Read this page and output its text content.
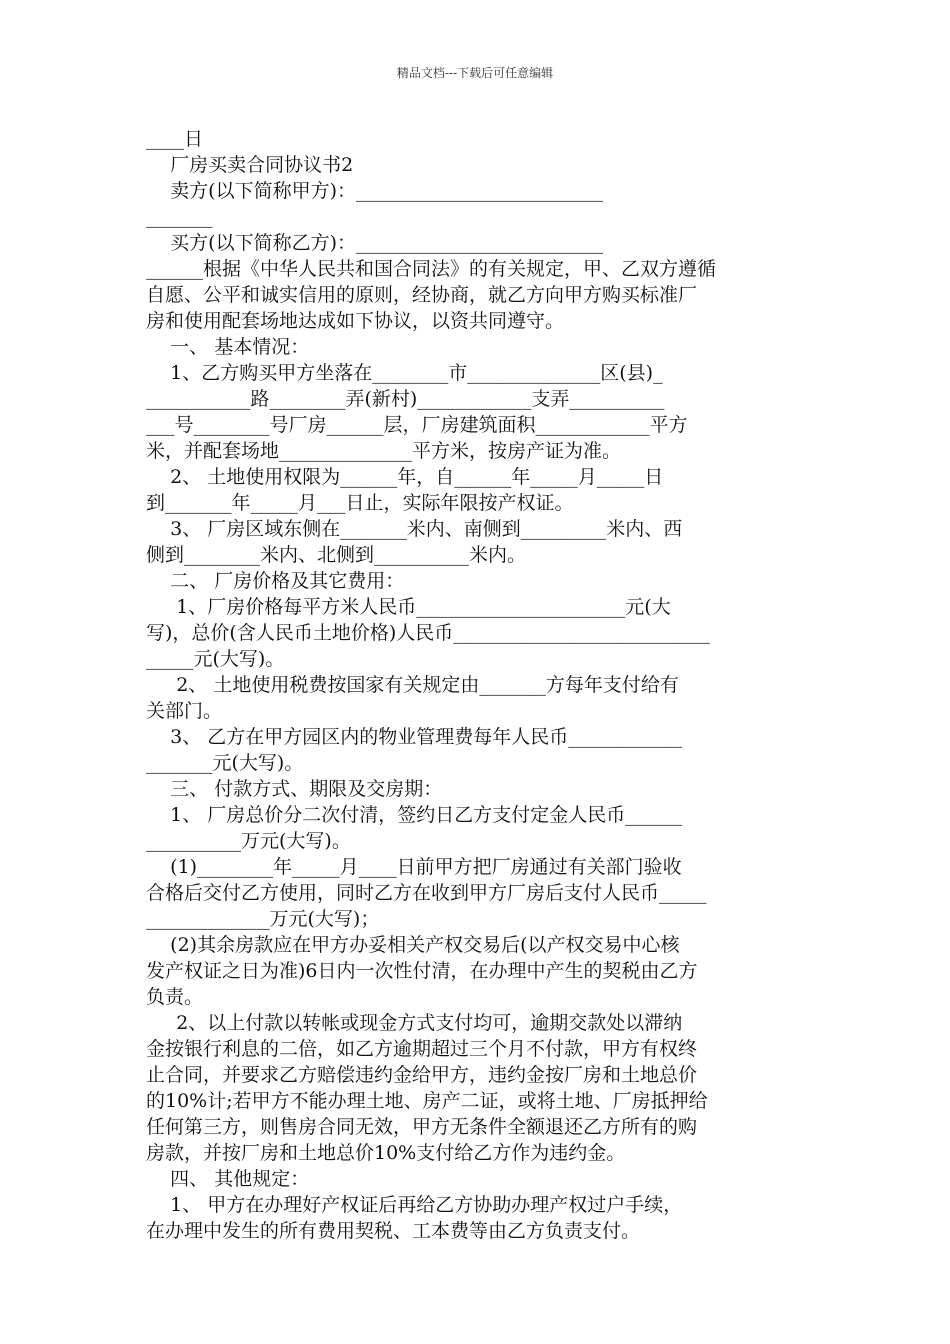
精品文档---下载后可任意编辑
____日
厂房买卖合同协议书2
卖方(以下简称甲方)：__________________________
_______
买方(以下简称乙方)：__________________________
______根据《中华人民共和国合同法》的有关规定，甲、乙双方遵循
自愿、公平和诚实信用的原则，经协商，就乙方向甲方购买标准厂
房和使用配套场地达成如下协议，以资共同遵守。
一、 基本情况：
1、乙方购买甲方坐落在________市______________区(县)_
___________路________弄(新村)____________支弄__________
___号________号厂房______层，厂房建筑面积____________平方
米，并配套场地______________平方米，按房产证为准。
2、 土地使用权限为______年，自______年_____月_____日
到_______年_____月___日止，实际年限按产权证。
3、 厂房区域东侧在_______米内、南侧到_________米内、西
侧到________米内、北侧到__________米内。
二、 厂房价格及其它费用：
1、厂房价格每平方米人民币______________________元(大
写)，总价(含人民币土地价格)人民币___________________________
_____元(大写)。
2、 土地使用税费按国家有关规定由_______方每年支付给有
关部门。
3、 乙方在甲方园区内的物业管理费每年人民币____________
_______元(大写)。
三、 付款方式、期限及交房期：
1、 厂房总价分二次付清，签约日乙方支付定金人民币______
__________万元(大写)。
(1)________年_____月____日前甲方把厂房通过有关部门验收
合格后交付乙方使用，同时乙方在收到甲方厂房后支付人民币_____
_____________万元(大写)；
(2)其余房款应在甲方办妥相关产权交易后(以产权交易中心核
发产权证之日为准)6日内一次性付清，在办理中产生的契税由乙方
负责。
2、以上付款以转帐或现金方式支付均可，逾期交款处以滞纳
金按银行利息的二倍，如乙方逾期超过三个月不付款，甲方有权终
止合同，并要求乙方赔偿违约金给甲方，违约金按厂房和土地总价
的10%计;若甲方不能办理土地、房产二证，或将土地、厂房抵押给
任何第三方，则售房合同无效，甲方无条件全额退还乙方所有的购
房款，并按厂房和土地总价10%支付给乙方作为违约金。
四、 其他规定：
1、 甲方在办理好产权证后再给乙方协助办理产权过户手续，
在办理中发生的所有费用契税、工本费等由乙方负责支付。
